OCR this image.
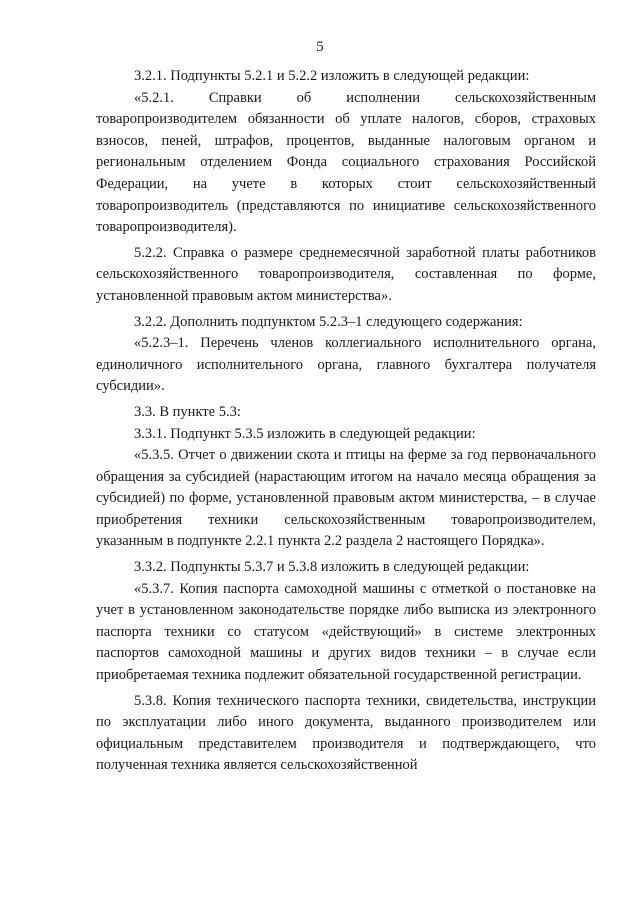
5

3.2.1. Подпункты 5.2.1 и 5.2.2 изложить в следующей редакции:

«5.2.1. Справки об исполнении сельскохозяйственным товаропроизводителем обязанности об уплате налогов, сборов, страховых взносов, пеней, штрафов, процентов, выданные налоговым органом и региональным отделением Фонда социального страхования Российской Федерации, на учете в которых стоит сельскохозяйственный товаропроизводитель (представляются по инициативе сельскохозяйственного товаропроизводителя).

5.2.2. Справка о размере среднемесячной заработной платы работников сельскохозяйственного товаропроизводителя, составленная по форме, установленной правовым актом министерства».

3.2.2. Дополнить подпунктом 5.2.3–1 следующего содержания:

«5.2.3–1. Перечень членов коллегиального исполнительного органа, единоличного исполнительного органа, главного бухгалтера получателя субсидии».

3.3. В пункте 5.3:

3.3.1. Подпункт 5.3.5 изложить в следующей редакции:

«5.3.5. Отчет о движении скота и птицы на ферме за год первоначального обращения за субсидией (нарастающим итогом на начало месяца обращения за субсидией) по форме, установленной правовым актом министерства, – в случае приобретения техники сельскохозяйственным товаропроизводителем, указанным в подпункте 2.2.1 пункта 2.2 раздела 2 настоящего Порядка».

3.3.2. Подпункты 5.3.7 и 5.3.8 изложить в следующей редакции:

«5.3.7. Копия паспорта самоходной машины с отметкой о постановке на учет в установленном законодательстве порядке либо выписка из электронного паспорта техники со статусом «действующий» в системе электронных паспортов самоходной машины и других видов техники – в случае если приобретаемая техника подлежит обязательной государственной регистрации.

5.3.8. Копия технического паспорта техники, свидетельства, инструкции по эксплуатации либо иного документа, выданного производителем или официальным представителем производителя и подтверждающего, что полученная техника является сельскохозяйственной
